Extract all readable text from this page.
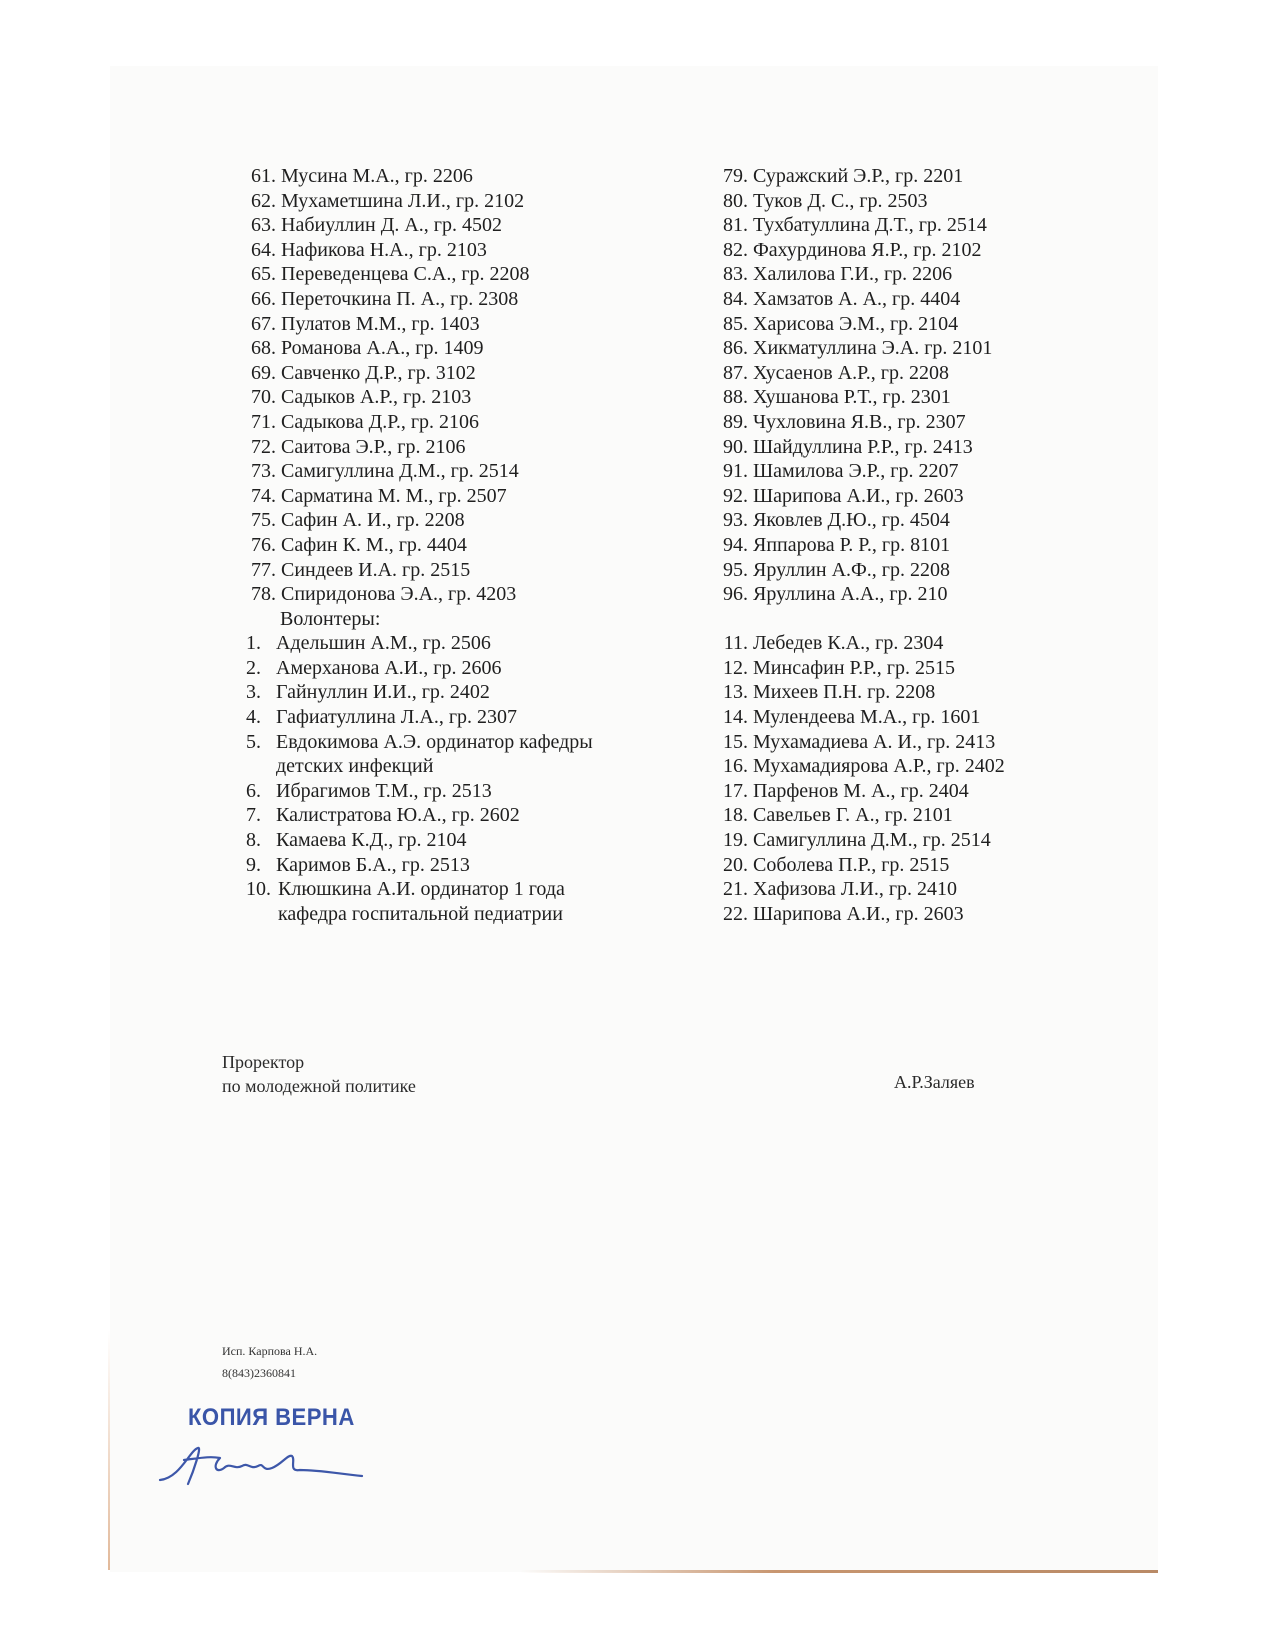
61. Мусина М.А., гр. 2206
62. Мухаметшина Л.И., гр. 2102
63. Набиуллин Д. А., гр. 4502
64. Нафикова Н.А., гр. 2103
65. Переведенцева С.А., гр. 2208
66. Переточкина П. А., гр. 2308
67. Пулатов М.М., гр. 1403
68. Романова А.А., гр. 1409
69. Савченко Д.Р., гр. 3102
70. Садыков А.Р., гр. 2103
71. Садыкова Д.Р., гр. 2106
72. Саитова Э.Р., гр. 2106
73. Самигуллина Д.М., гр. 2514
74. Сарматина М. М., гр. 2507
75. Сафин А. И., гр. 2208
76. Сафин К. М., гр. 4404
77. Синдеев И.А. гр. 2515
78. Спиридонова Э.А., гр. 4203
Волонтеры:
1. Адельшин А.М., гр. 2506
2. Амерханова А.И., гр. 2606
3. Гайнуллин И.И., гр. 2402
4. Гафиатуллина Л.А., гр. 2307
5. Евдокимова А.Э. ординатор кафедры детских инфекций
6. Ибрагимов Т.М., гр. 2513
7. Калистратова Ю.А., гр. 2602
8. Камаева К.Д., гр. 2104
9. Каримов Б.А., гр. 2513
10. Клюшкина А.И. ординатор 1 года кафедра госпитальной педиатрии
79. Суражский Э.Р., гр. 2201
80. Туков Д. С., гр. 2503
81. Тухбатуллина Д.Т., гр. 2514
82. Фахурдинова Я.Р., гр. 2102
83. Халилова Г.И., гр. 2206
84. Хамзатов А. А., гр. 4404
85. Харисова Э.М., гр. 2104
86. Хикматуллина Э.А. гр. 2101
87. Хусаенов А.Р., гр. 2208
88. Хушанова Р.Т., гр. 2301
89. Чухловина Я.В., гр. 2307
90. Шайдуллина Р.Р., гр. 2413
91. Шамилова Э.Р., гр. 2207
92. Шарипова А.И., гр. 2603
93. Яковлев Д.Ю., гр. 4504
94. Яппарова Р. Р., гр. 8101
95. Яруллин А.Ф., гр. 2208
96. Яруллина А.А., гр. 210
11. Лебедев К.А., гр. 2304
12. Минсафин Р.Р., гр. 2515
13. Михеев П.Н. гр. 2208
14. Мулендеева М.А., гр. 1601
15. Мухамадиева А. И., гр. 2413
16. Мухамадиярова А.Р., гр. 2402
17. Парфенов М. А., гр. 2404
18. Савельев Г. А., гр. 2101
19. Самигуллина Д.М., гр. 2514
20. Соболева П.Р., гр. 2515
21. Хафизова Л.И., гр. 2410
22. Шарипова А.И., гр. 2603
Проректор
по молодежной политике	А.Р.Заляев
Исп. Карпова Н.А.
8(843)2360841
КОПИЯ ВЕРНА
